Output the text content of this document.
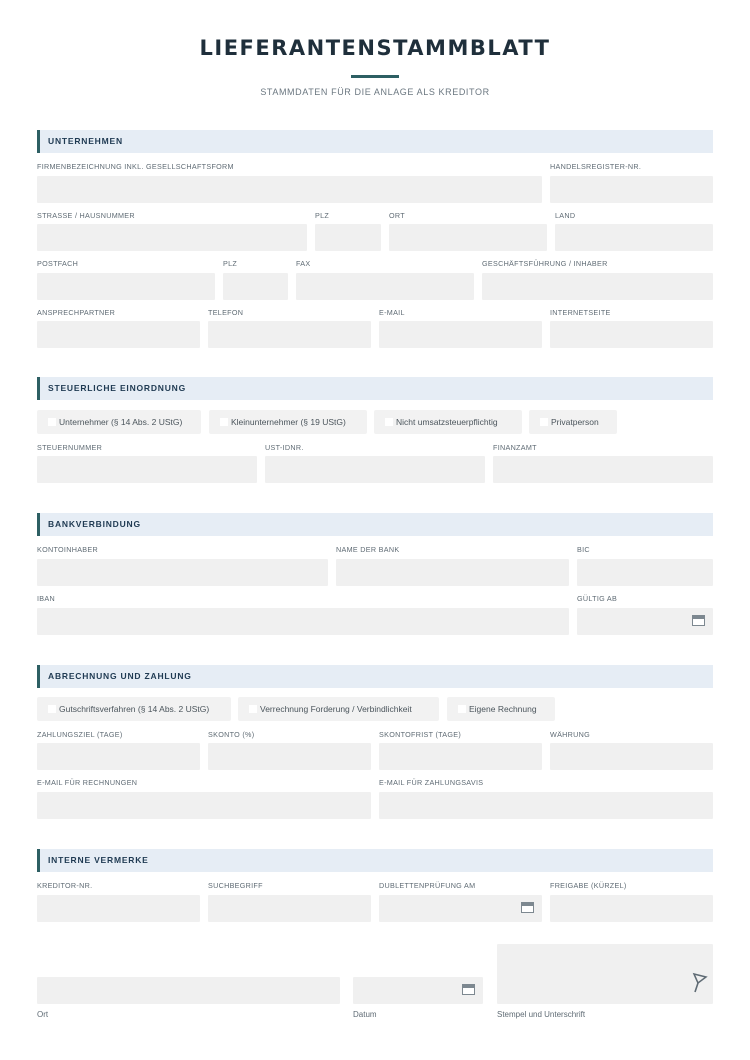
LIEFERANTENSTAMMBLATT
STAMMDATEN FÜR DIE ANLAGE ALS KREDITOR
UNTERNEHMEN
FIRMENBEZEICHNUNG INKL. GESELLSCHAFTSFORM	HANDELSREGISTER-NR.
STRASSE / HAUSNUMMER	PLZ	ORT	LAND
POSTFACH	PLZ	FAX	GESCHÄFTSFÜHRUNG / INHABER
ANSPRECHPARTNER	TELEFON	E-MAIL	INTERNETSEITE
STEUERLICHE EINORDNUNG
Unternehmer (§ 14 Abs. 2 UStG)	Kleinunternehmer (§ 19 UStG)	Nicht umsatzsteuerpflichtig	Privatperson
STEUERNUMMER	UST-IDNR.	FINANZAMT
BANKVERBINDUNG
KONTOINHABER	NAME DER BANK	BIC
IBAN	GÜLTIG AB
ABRECHNUNG UND ZAHLUNG
Gutschriftsverfahren (§ 14 Abs. 2 UStG)	Verrechnung Forderung / Verbindlichkeit	Eigene Rechnung
ZAHLUNGSZIEL (TAGE)	SKONTO (%)	SKONTOFRIST (TAGE)	WÄHRUNG
E-MAIL FÜR RECHNUNGEN	E-MAIL FÜR ZAHLUNGSAVIS
INTERNE VERMERKE
KREDITOR-NR.	SUCHBEGRIFF	DUBLETTENPRÜFUNG AM	FREIGABE (KÜRZEL)
Ort	Datum	Stempel und Unterschrift
